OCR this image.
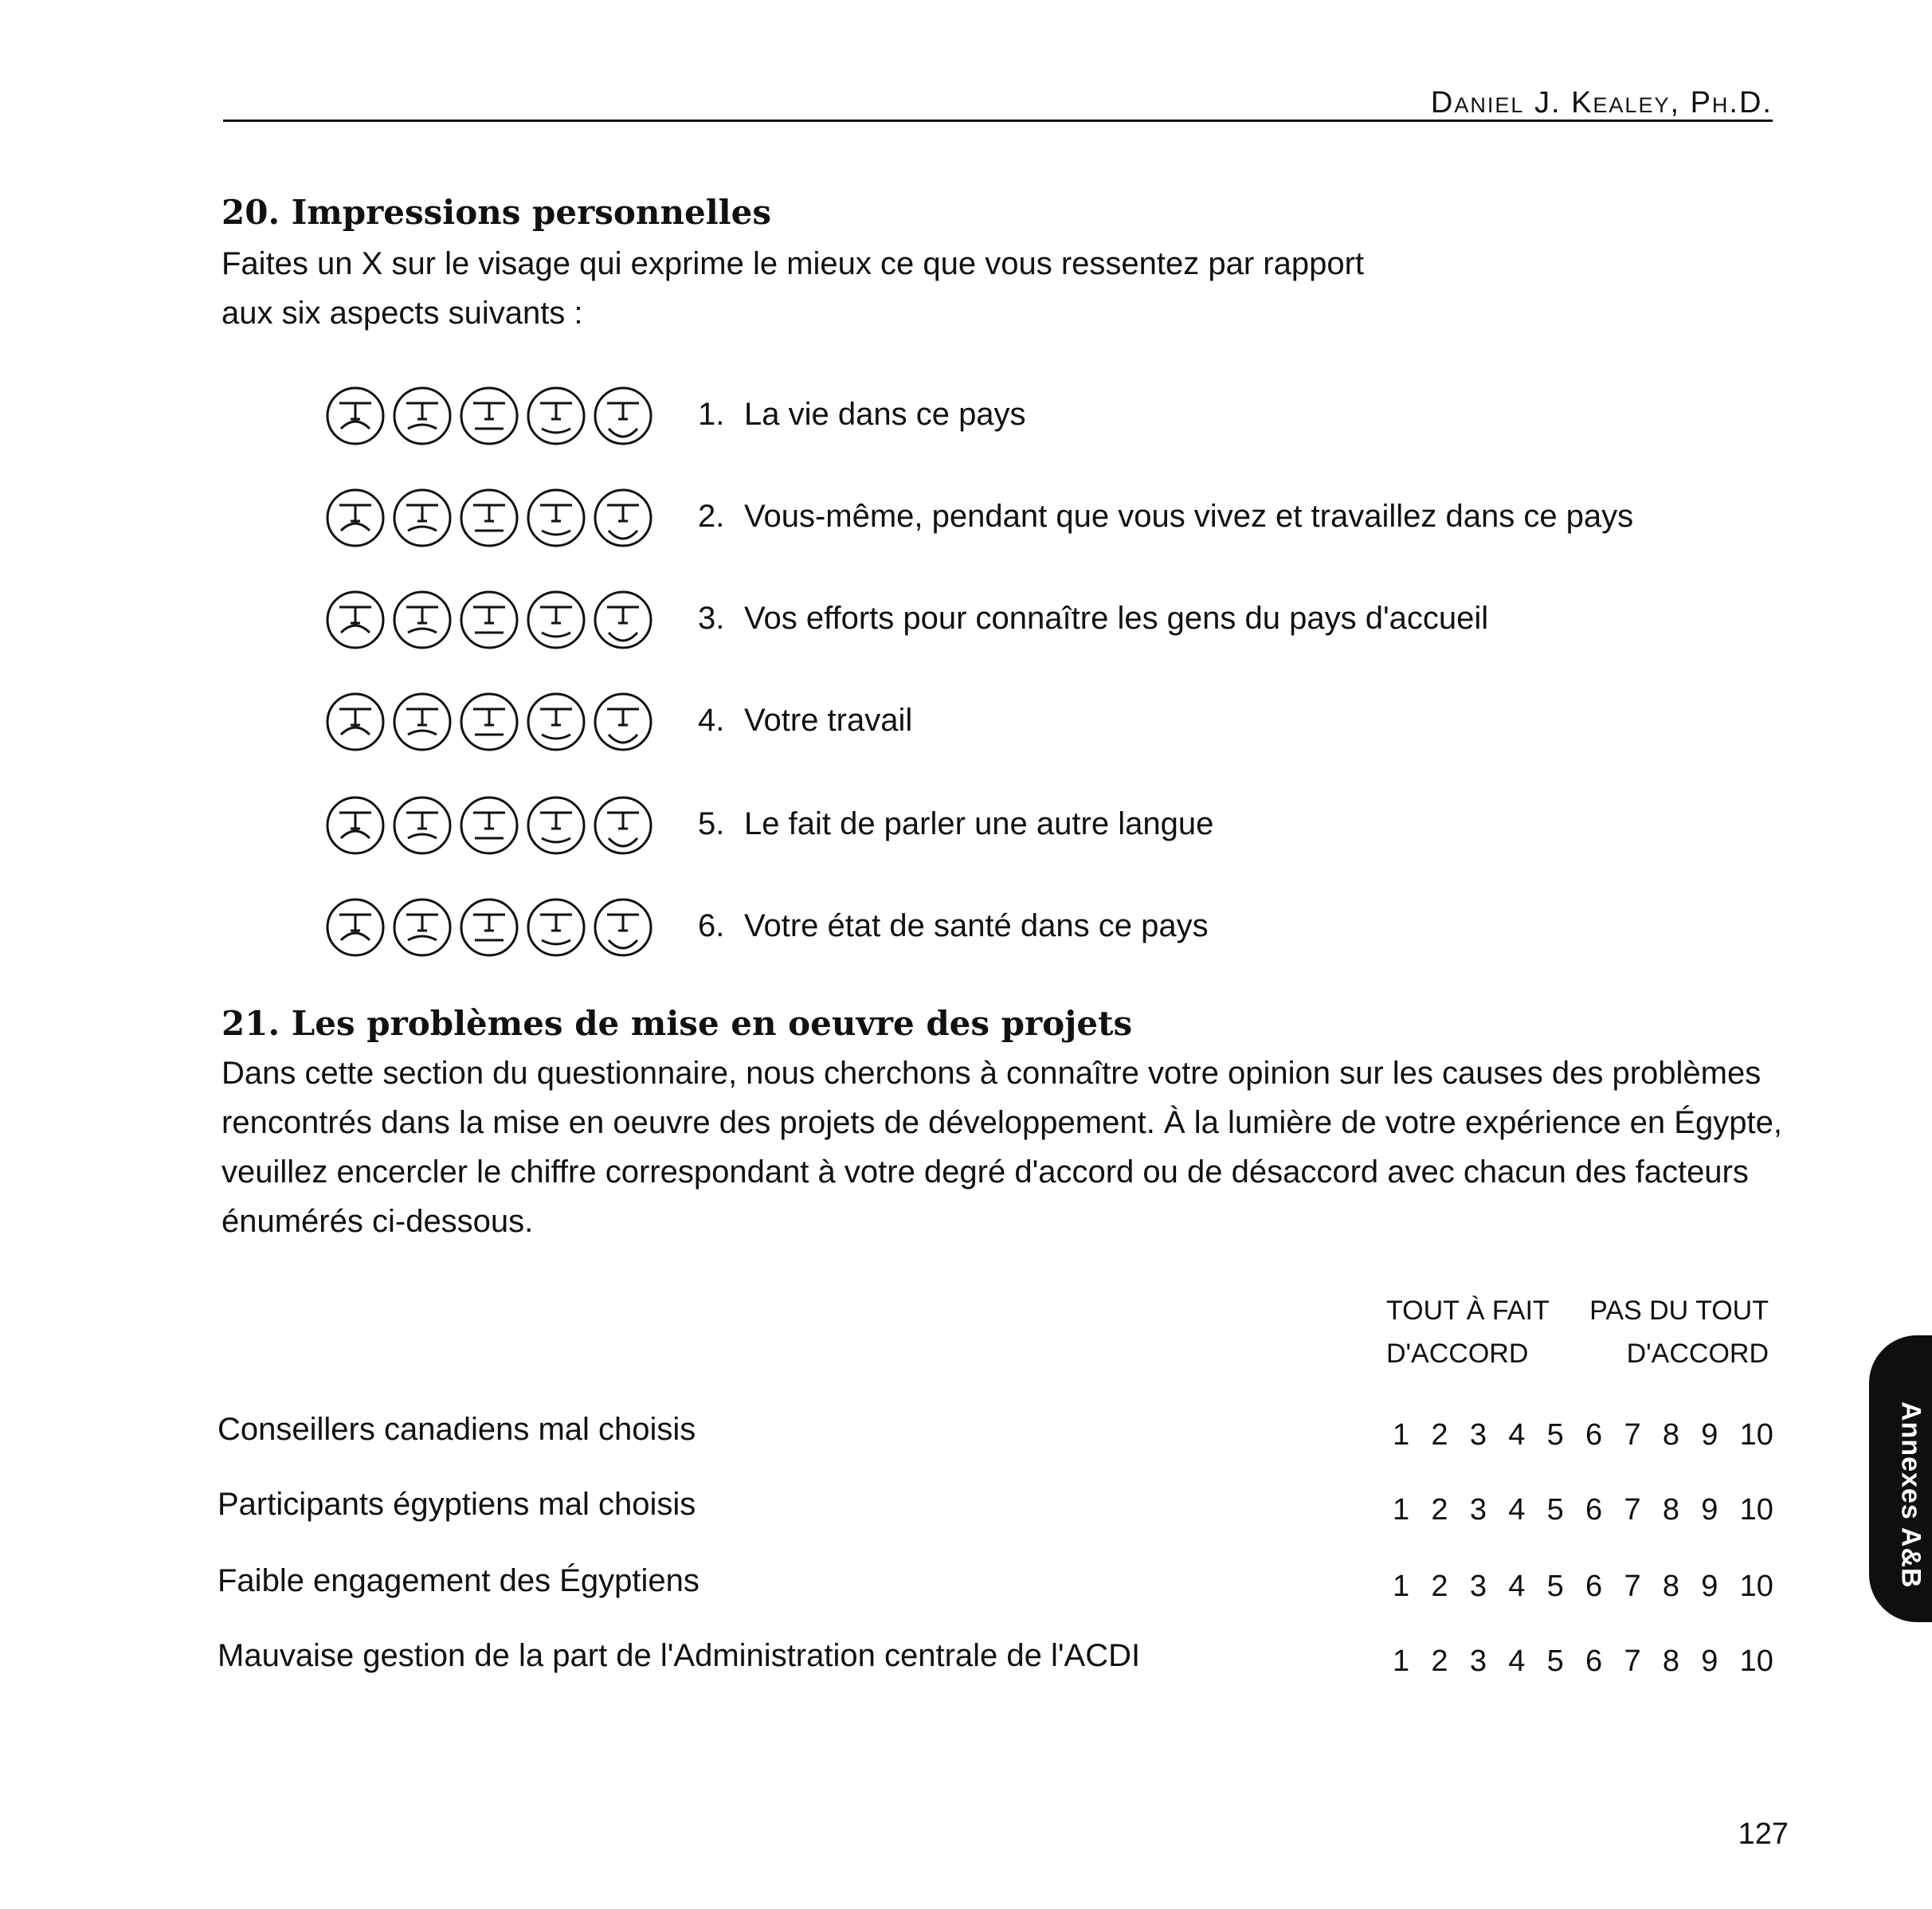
Daniel J. Kealey, Ph.D.
20. Impressions personnelles
Faites un X sur le visage qui exprime le mieux ce que vous ressentez par rapport aux six aspects suivants :
1. La vie dans ce pays
2. Vous-même, pendant que vous vivez et travaillez dans ce pays
3. Vos efforts pour connaître les gens du pays d'accueil
4. Votre travail
5. Le fait de parler une autre langue
6. Votre état de santé dans ce pays
21. Les problèmes de mise en oeuvre des projets
Dans cette section du questionnaire, nous cherchons à connaître votre opinion sur les causes des problèmes rencontrés dans la mise en oeuvre des projets de développement. À la lumière de votre expérience en Égypte, veuillez encercler le chiffre correspondant à votre degré d'accord ou de désaccord avec chacun des facteurs énumérés ci-dessous.
TOUT À FAIT
D'ACCORD
PAS DU TOUT
D'ACCORD
Conseillers canadiens mal choisis	1 2 3 4 5 6 7 8 9 10
Participants égyptiens mal choisis	1 2 3 4 5 6 7 8 9 10
Faible engagement des Égyptiens	1 2 3 4 5 6 7 8 9 10
Mauvaise gestion de la part de l'Administration centrale de l'ACDI	1 2 3 4 5 6 7 8 9 10
127
Annexes A&B
